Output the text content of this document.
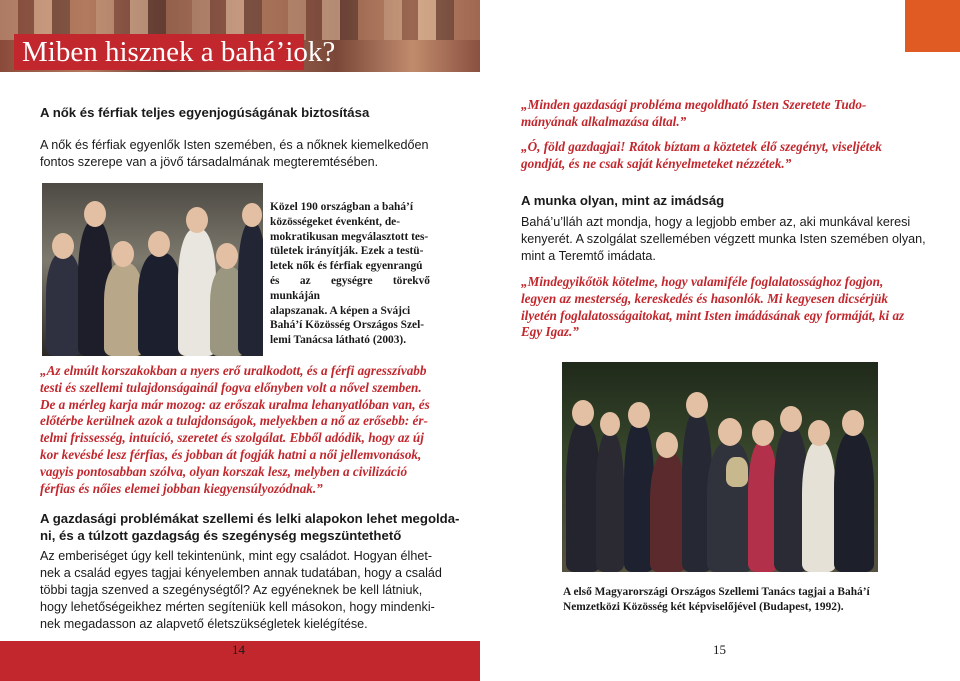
Miben hisznek a bahá’iok?
A nők és férfiak teljes egyenjogúságának biztosítása
A nők és férfiak egyenlők Isten szemében, és a nőknek kiemelkedően
fontos szerepe van a jövő társadalmának megteremtésében.
Közel 190 országban a bahá’í
közösségeket évenként, de-
mokratikusan megválasztott tes-
tületek irányítják. Ezek a testü-
letek nők és férfiak egyenrangú
és az egységre törekvő munkáján
alapszanak. A képen a Svájci
Bahá’í Közösség Országos Szel-
lemi Tanácsa látható (2003).
„Az elmúlt korszakokban a nyers erő uralkodott, és a férfi agresszívabb
testi és szellemi tulajdonságainál fogva előnyben volt a nővel szemben.
De a mérleg karja már mozog: az erőszak uralma lehanyatlóban van, és
előtérbe kerülnek azok a tulajdonságok, melyekben a nő az erősebb: ér-
telmi frissesség, intuíció, szeretet és szolgálat. Ebből adódik, hogy az új
kor kevésbé lesz férfias, és jobban át fogják hatni a női jellemvonások,
vagyis pontosabban szólva, olyan korszak lesz, melyben a civilizáció
férfias és nőies elemei jobban kiegyensúlyozódnak.”
A gazdasági problémákat szellemi és lelki alapokon lehet megolda-
ni, és a túlzott gazdagság és szegénység megszüntethető
Az emberiséget úgy kell tekintenünk, mint egy családot. Hogyan élhet-
nek a család egyes tagjai kényelemben annak tudatában, hogy a család
többi tagja szenved a szegénységtől? Az egyéneknek be kell látniuk,
hogy lehetőségeikhez mérten segíteniük kell másokon, hogy mindenki-
nek megadasson az alapvető életszükségletek kielégítése.
14
„Minden gazdasági probléma megoldható Isten Szeretete Tudo-
mányának alkalmazása által.”
„Ó, föld gazdagjai! Rátok bíztam a köztetek élő szegényt, viseljétek
gondját, és ne csak saját kényelmeteket nézzétek.”
A munka olyan, mint az imádság
Bahá’u’lláh azt mondja, hogy a legjobb ember az, aki munkával keresi
kenyerét. A szolgálat szellemében végzett munka Isten szemében olyan,
mint a Teremtő imádata.
„Mindegyikőtök kötelme, hogy valamiféle foglalatossághoz fogjon,
legyen az mesterség, kereskedés és hasonlók. Mi kegyesen dicsérjük
ilyetén foglalatosságaitokat, mint Isten imádásának egy formáját, ki az
Egy Igaz.”
A első Magyarországi Országos Szellemi Tanács tagjai a Bahá’í
Nemzetközi Közösség két képviselőjével (Budapest, 1992).
15
